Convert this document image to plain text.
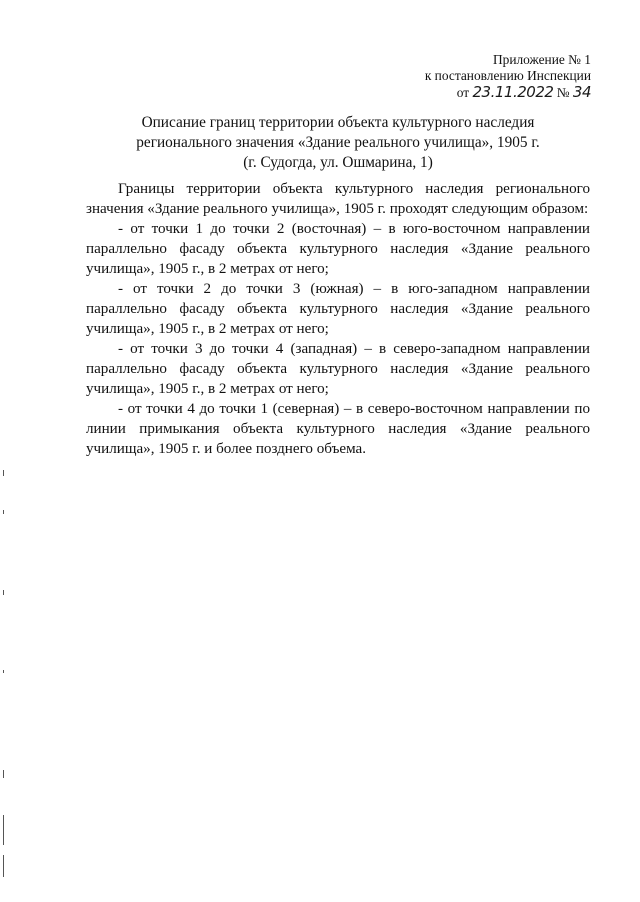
Приложение № 1
к постановлению Инспекции
от 23.11.2022 № 34
Описание границ территории объекта культурного наследия
регионального значения «Здание реального училища», 1905 г.
(г. Судогда, ул. Ошмарина, 1)

Границы территории объекта культурного наследия регионального значения «Здание реального училища», 1905 г. проходят следующим образом:

- от точки 1 до точки 2 (восточная) – в юго-восточном направлении параллельно фасаду объекта культурного наследия «Здание реального училища», 1905 г., в 2 метрах от него;

- от точки 2 до точки 3 (южная) – в юго-западном направлении параллельно фасаду объекта культурного наследия «Здание реального училища», 1905 г., в 2 метрах от него;

- от точки 3 до точки 4 (западная) – в северо-западном направлении параллельно фасаду объекта культурного наследия «Здание реального училища», 1905 г., в 2 метрах от него;

- от точки 4 до точки 1 (северная) – в северо-восточном направлении по линии примыкания объекта культурного наследия «Здание реального училища», 1905 г. и более позднего объема.
